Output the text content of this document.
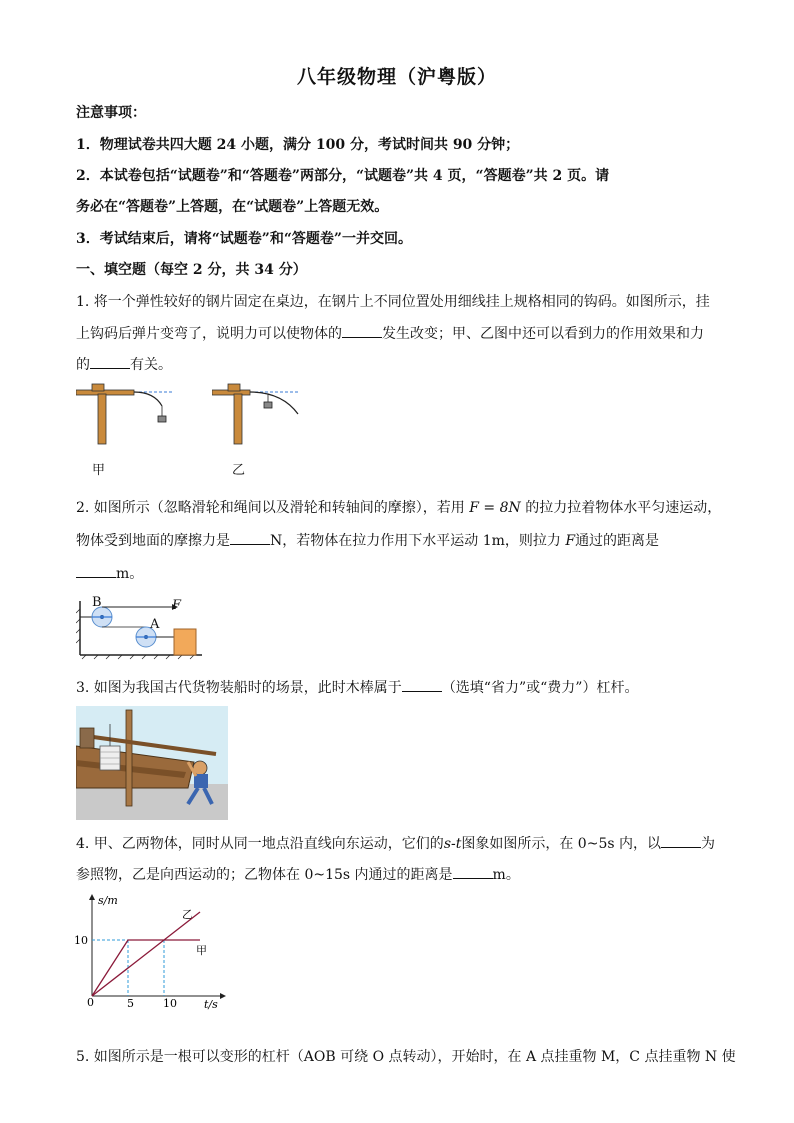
八年级物理（沪粤版）
注意事项：
1．物理试卷共四大题 24 小题，满分 100 分，考试时间共 90 分钟；
2．本试卷包括“试题卷”和“答题卷”两部分，“试题卷”共 4 页，“答题卷”共 2 页。请
务必在“答题卷”上答题，在“试题卷”上答题无效。
3．考试结束后，请将“试题卷”和“答题卷”一并交回。
一、填空题（每空 2 分，共 34 分）
1. 将一个弹性较好的钢片固定在桌边，在钢片上不同位置处用细线挂上规格相同的钩码。如图所示，挂
上钩码后弹片变弯了，说明力可以使物体的	发生改变；甲、乙图中还可以看到力的作用效果和力
的	有关。
甲	乙
2. 如图所示（忽略滑轮和绳间以及滑轮和转轴间的摩擦），若用 F = 8N 的拉力拉着物体水平匀速运动，
物体受到地面的摩擦力是	N，若物体在拉力作用下水平运动 1m，则拉力 F通过的距离是
m。
B
A
F
3. 如图为我国古代货物装船时的场景，此时木棒属于	（选填“省力”或“费力”）杠杆。
4. 甲、乙两物体，同时从同一地点沿直线向东运动，它们的s-t图象如图所示，在 0~5s 内，以	为
参照物，乙是向西运动的；乙物体在 0~15s 内通过的距离是	m。
s/m
t/s
0
10
5	10
乙
甲
5. 如图所示是一根可以变形的杠杆（AOB 可绕 O 点转动），开始时，在 A 点挂重物 M，C 点挂重物 N 使
